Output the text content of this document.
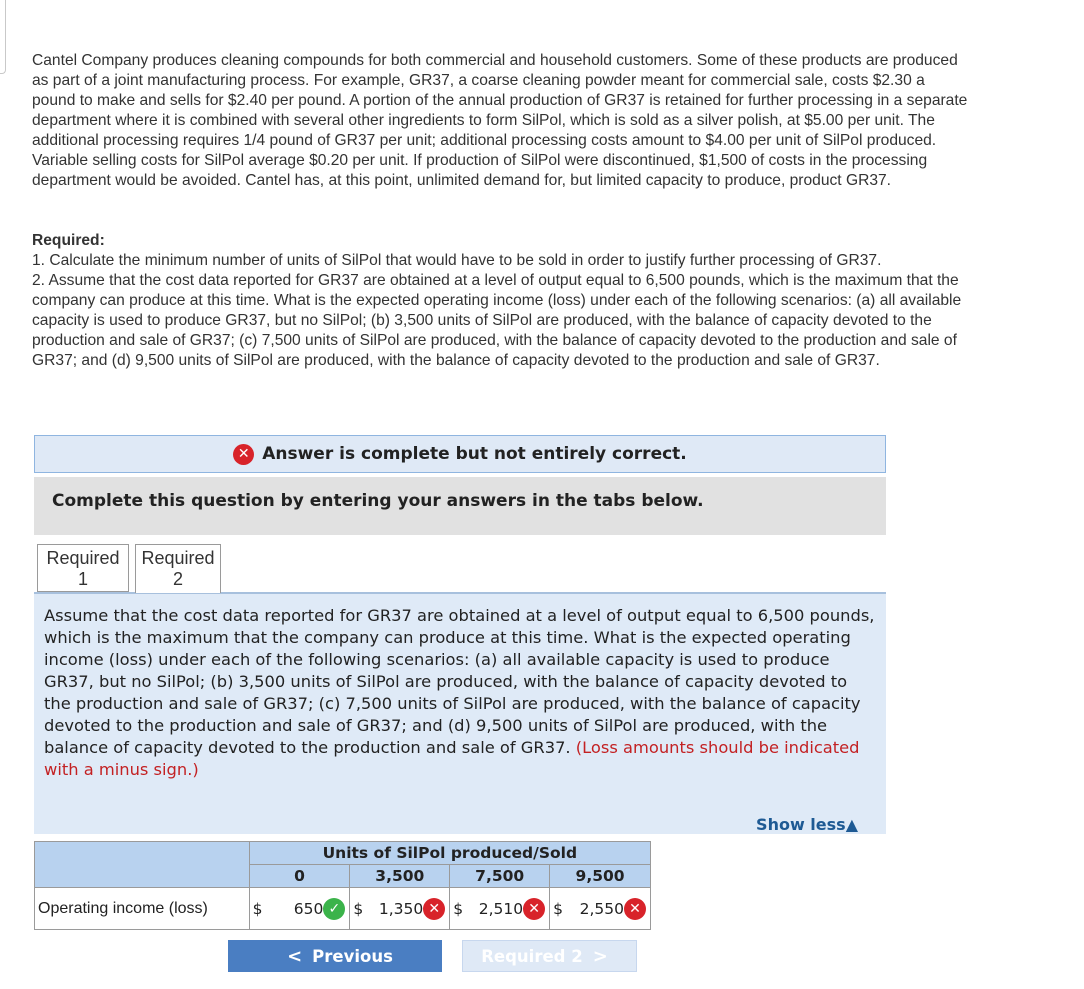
Cantel Company produces cleaning compounds for both commercial and household customers. Some of these products are produced as part of a joint manufacturing process. For example, GR37, a coarse cleaning powder meant for commercial sale, costs $2.30 a pound to make and sells for $2.40 per pound. A portion of the annual production of GR37 is retained for further processing in a separate department where it is combined with several other ingredients to form SilPol, which is sold as a silver polish, at $5.00 per unit. The additional processing requires 1/4 pound of GR37 per unit; additional processing costs amount to $4.00 per unit of SilPol produced. Variable selling costs for SilPol average $0.20 per unit. If production of SilPol were discontinued, $1,500 of costs in the processing department would be avoided. Cantel has, at this point, unlimited demand for, but limited capacity to produce, product GR37.

Required:

1. Calculate the minimum number of units of SilPol that would have to be sold in order to justify further processing of GR37.

2. Assume that the cost data reported for GR37 are obtained at a level of output equal to 6,500 pounds, which is the maximum that the company can produce at this time. What is the expected operating income (loss) under each of the following scenarios: (a) all available capacity is used to produce GR37, but no SilPol; (b) 3,500 units of SilPol are produced, with the balance of capacity devoted to the production and sale of GR37; (c) 7,500 units of SilPol are produced, with the balance of capacity devoted to the production and sale of GR37; and (d) 9,500 units of SilPol are produced, with the balance of capacity devoted to the production and sale of GR37.

✕ Answer is complete but not entirely correct.
Complete this question by entering your answers in the tabs below.
Required
1
Required
2

Assume that the cost data reported for GR37 are obtained at a level of output equal to 6,500 pounds, which is the maximum that the company can produce at this time. What is the expected operating income (loss) under each of the following scenarios: (a) all available capacity is used to produce GR37, but no SilPol; (b) 3,500 units of SilPol are produced, with the balance of capacity devoted to the production and sale of GR37; (c) 7,500 units of SilPol are produced, with the balance of capacity devoted to the production and sale of GR37; and (d) 9,500 units of SilPol are produced, with the balance of capacity devoted to the production and sale of GR37. (Loss amounts should be indicated with a minus sign.)

Show less▲
	Units of SilPol produced/Sold			
	0	3,500	7,500	9,500
Operating income (loss)	$ 650 ✓	$ 1,350 ✕	$ 2,510 ✕	$ 2,550 ✕
< Previous	Required 2 >
